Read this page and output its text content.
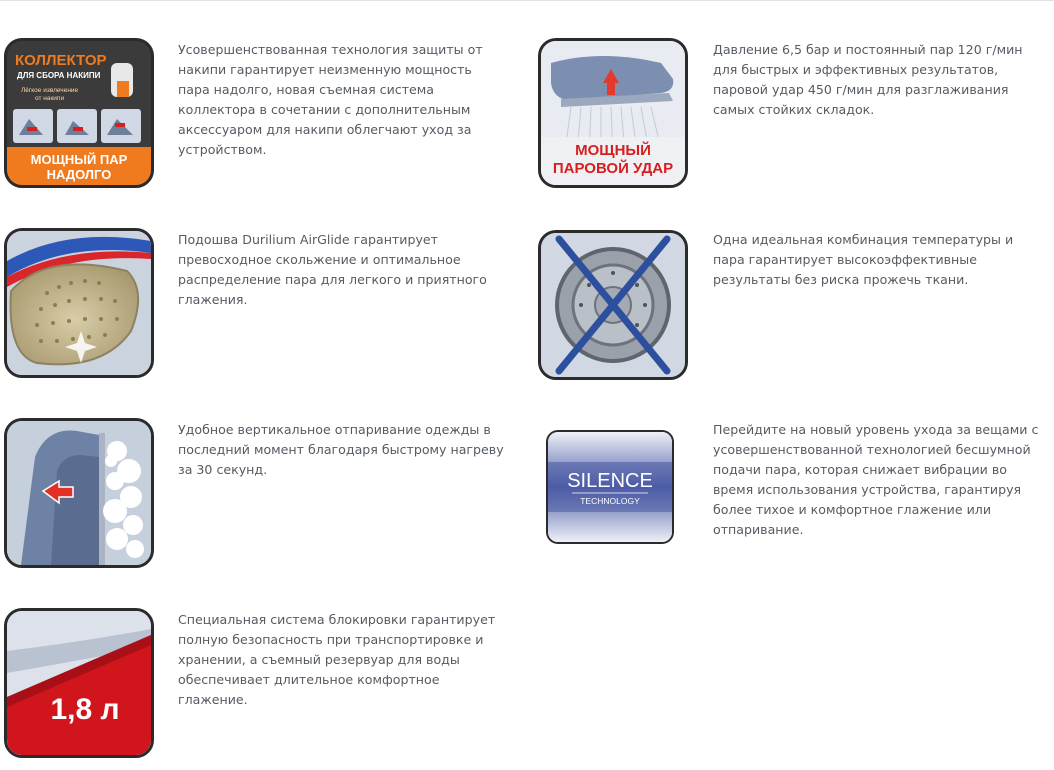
КОЛЛЕКТОР
ДЛЯ СБОРА НАКИПИ
Лёгкое извлечение
от накипи
МОЩНЫЙ ПАР
НАДОЛГО

Усовершенствованная технология защиты от накипи гарантирует неизменную мощность пара надолго, новая съемная система коллектора в сочетании с дополнительным аксессуаром для накипи облегчают уход за устройством.	МОЩНЫЙ
ПАРОВОЙ УДАР

Давление 6,5 бар и постоянный пар 120 г/мин для быстрых и эффективных результатов, паровой удар 450 г/мин для разглаживания самых стойких складок.

Подошва Durilium AirGlide гарантирует превосходное скольжение и оптимальное распределение пара для легкого и приятного глажения.

Одна идеальная комбинация температуры и пара гарантирует высокоэффективные результаты без риска прожечь ткани.

Удобное вертикальное отпаривание одежды в последний момент благодаря быстрому нагреву за 30 секунд.

SILENCE
TECHNOLOGY

Перейдите на новый уровень ухода за вещами с усовершенствованной технологией бесшумной подачи пара, которая снижает вибрации во время использования устройства, гарантируя более тихое и комфортное глажение или отпаривание.

1,8 л

Специальная система блокировки гарантирует полную безопасность при транспортировке и хранении, а съемный резервуар для воды обеспечивает длительное комфортное глажение.
